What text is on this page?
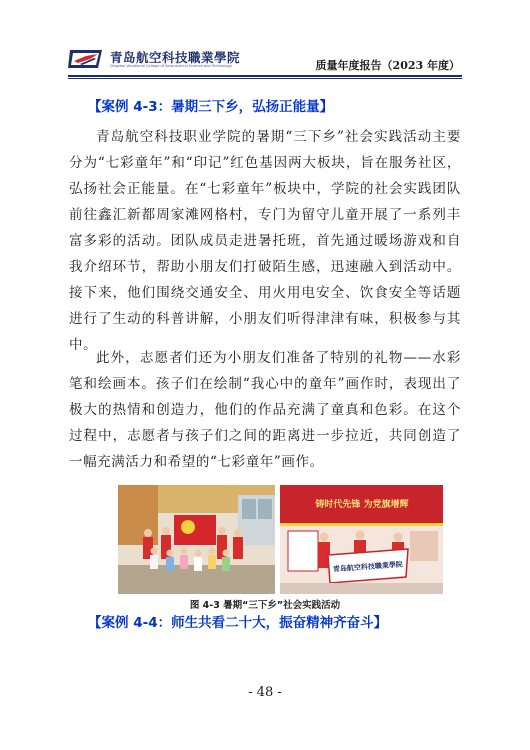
青岛航空科技職業學院
Qingdao Vocational College of Aeronautical Science and Technology	质量年度报告（2023 年度）
【案例 4-3：暑期三下乡，弘扬正能量】

青岛航空科技职业学院的暑期“三下乡”社会实践活动主要分为“七彩童年”和“印记”红色基因两大板块，旨在服务社区，弘扬社会正能量。在“七彩童年”板块中，学院的社会实践团队前往鑫汇新都周家滩网格村，专门为留守儿童开展了一系列丰富多彩的活动。团队成员走进暑托班，首先通过暖场游戏和自我介绍环节，帮助小朋友们打破陌生感，迅速融入到活动中。接下来，他们围绕交通安全、用火用电安全、饮食安全等话题进行了生动的科普讲解，小朋友们听得津津有味，积极参与其中。

此外，志愿者们还为小朋友们准备了特别的礼物——水彩笔和绘画本。孩子们在绘制“我心中的童年”画作时，表现出了极大的热情和创造力，他们的作品充满了童真和色彩。在这个过程中，志愿者与孩子们之间的距离进一步拉近，共同创造了一幅充满活力和希望的“七彩童年”画作。

铸时代先锋 为党旗增辉
青岛航空科技職業學院
图 4-3 暑期“三下乡”社会实践活动
【案例 4-4：师生共看二十大，振奋精神齐奋斗】
- 48 -
